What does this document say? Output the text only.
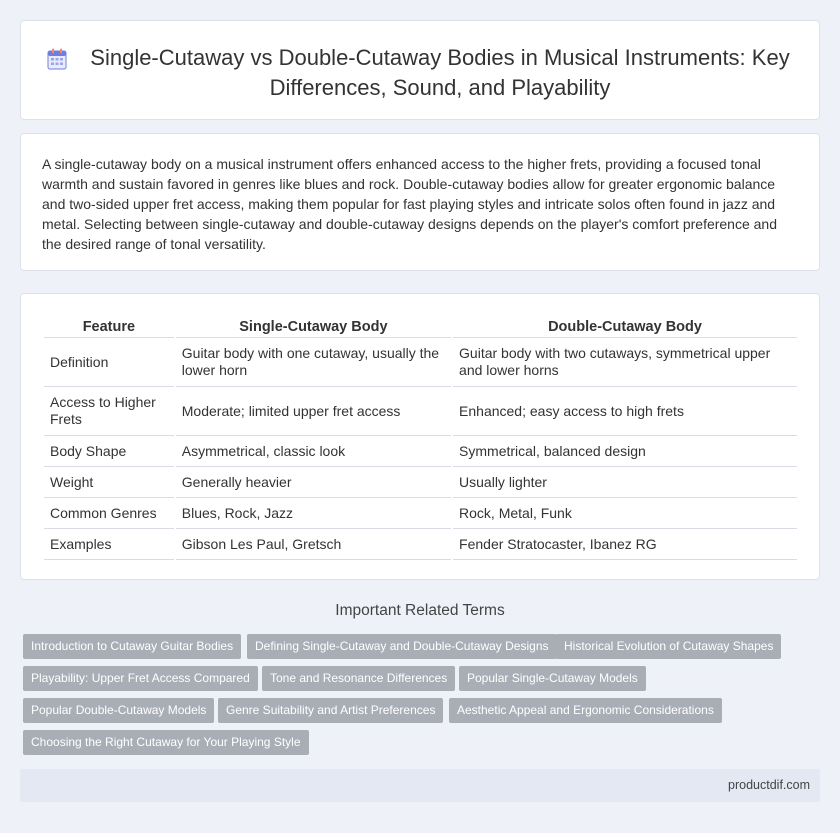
Single-Cutaway vs Double-Cutaway Bodies in Musical Instruments: Key Differences, Sound, and Playability

A single-cutaway body on a musical instrument offers enhanced access to the higher frets, providing a focused tonal warmth and sustain favored in genres like blues and rock. Double-cutaway bodies allow for greater ergonomic balance and two-sided upper fret access, making them popular for fast playing styles and intricate solos often found in jazz and metal. Selecting between single-cutaway and double-cutaway designs depends on the player's comfort preference and the desired range of tonal versatility.

Feature	Single-Cutaway Body	Double-Cutaway Body
Definition	Guitar body with one cutaway, usually the lower horn	Guitar body with two cutaways, symmetrical upper and lower horns
Access to Higher Frets	Moderate; limited upper fret access	Enhanced; easy access to high frets
Body Shape	Asymmetrical, classic look	Symmetrical, balanced design
Weight	Generally heavier	Usually lighter
Common Genres	Blues, Rock, Jazz	Rock, Metal, Funk
Examples	Gibson Les Paul, Gretsch	Fender Stratocaster, Ibanez RG
Important Related Terms
Introduction to Cutaway Guitar Bodies	Defining Single-Cutaway and Double-Cutaway Designs	Historical Evolution of Cutaway Shapes
Playability: Upper Fret Access Compared	Tone and Resonance Differences	Popular Single-Cutaway Models
Popular Double-Cutaway Models	Genre Suitability and Artist Preferences	Aesthetic Appeal and Ergonomic Considerations
Choosing the Right Cutaway for Your Playing Style
productdif.com
